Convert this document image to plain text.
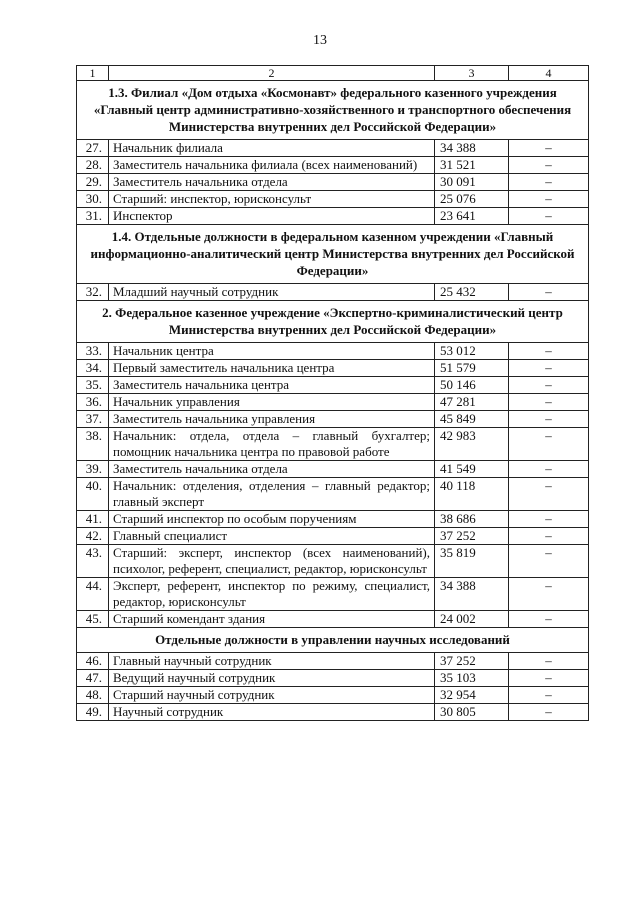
13
1	2	3	4
1.3. Филиал «Дом отдыха «Космонавт» федерального казенного учреждения «Главный центр административно-хозяйственного и транспортного обеспечения Министерства внутренних дел Российской Федерации»			
27.	Начальник филиала	34 388	–
28.	Заместитель начальника филиала (всех наименований)	31 521	–
29.	Заместитель начальника отдела	30 091	–
30.	Старший: инспектор, юрисконсульт	25 076	–
31.	Инспектор	23 641	–
1.4. Отдельные должности в федеральном казенном учреждении «Главный информационно-аналитический центр Министерства внутренних дел Российской Федерации»			
32.	Младший научный сотрудник	25 432	–
2. Федеральное казенное учреждение «Экспертно-криминалистический центр Министерства внутренних дел Российской Федерации»			
33.	Начальник центра	53 012	–
34.	Первый заместитель начальника центра	51 579	–
35.	Заместитель начальника центра	50 146	–
36.	Начальник управления	47 281	–
37.	Заместитель начальника управления	45 849	–
38.	Начальник: отдела, отдела – главный бухгалтер; помощник начальника центра по правовой работе	42 983	–
39.	Заместитель начальника отдела	41 549	–
40.	Начальник: отделения, отделения – главный редактор; главный эксперт	40 118	–
41.	Старший инспектор по особым поручениям	38 686	–
42.	Главный специалист	37 252	–
43.	Старший: эксперт, инспектор (всех наименований), психолог, референт, специалист, редактор, юрисконсульт	35 819	–
44.	Эксперт, референт, инспектор по режиму, специалист, редактор, юрисконсульт	34 388	–
45.	Старший комендант здания	24 002	–
Отдельные должности в управлении научных исследований			
46.	Главный научный сотрудник	37 252	–
47.	Ведущий научный сотрудник	35 103	–
48.	Старший научный сотрудник	32 954	–
49.	Научный сотрудник	30 805	–
